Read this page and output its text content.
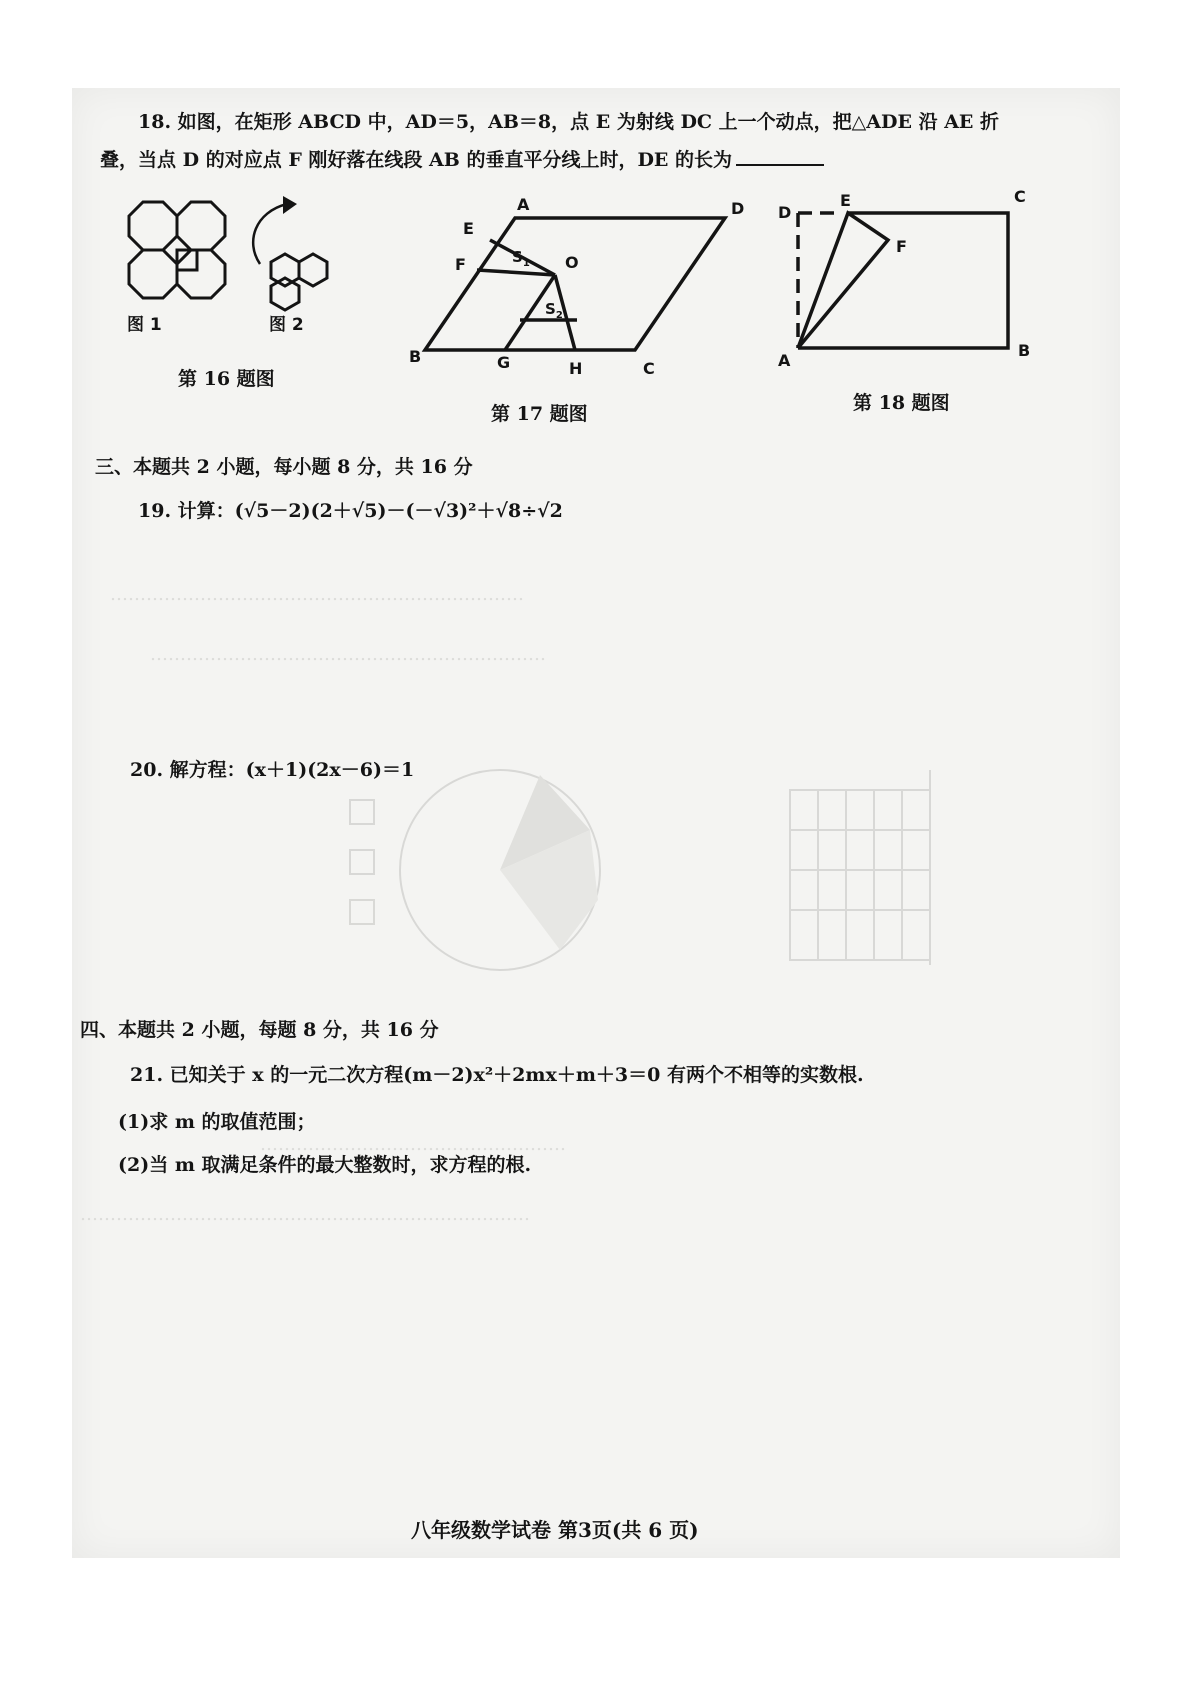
……………………………………………………………
…………………………………………………………
……………………………………………
…………………………………………………………………
18. 如图，在矩形 ABCD 中，AD＝5，AB＝8，点 E 为射线 DC 上一个动点，把△ADE 沿 AE 折
叠，当点 D 的对应点 F 刚好落在线段 AB 的垂直平分线上时，DE 的长为
图 1	图 2
第 16 题图
A	D
E
F	O
B	G	H	C
$S_1$
$S_2$
第 17 题图
D
E	C
F
A
B
第 18 题图
三、本题共 2 小题，每小题 8 分，共 16 分
19. 计算：(√5－2)(2＋√5)－(－√3)²＋√8÷√2
20. 解方程：(x＋1)(2x－6)＝1
四、本题共 2 小题，每题 8 分，共 16 分
21. 已知关于 x 的一元二次方程(m－2)x²＋2mx＋m＋3＝0 有两个不相等的实数根.
(1)求 m 的取值范围；
(2)当 m 取满足条件的最大整数时，求方程的根.
八年级数学试卷 第3页(共 6 页)
